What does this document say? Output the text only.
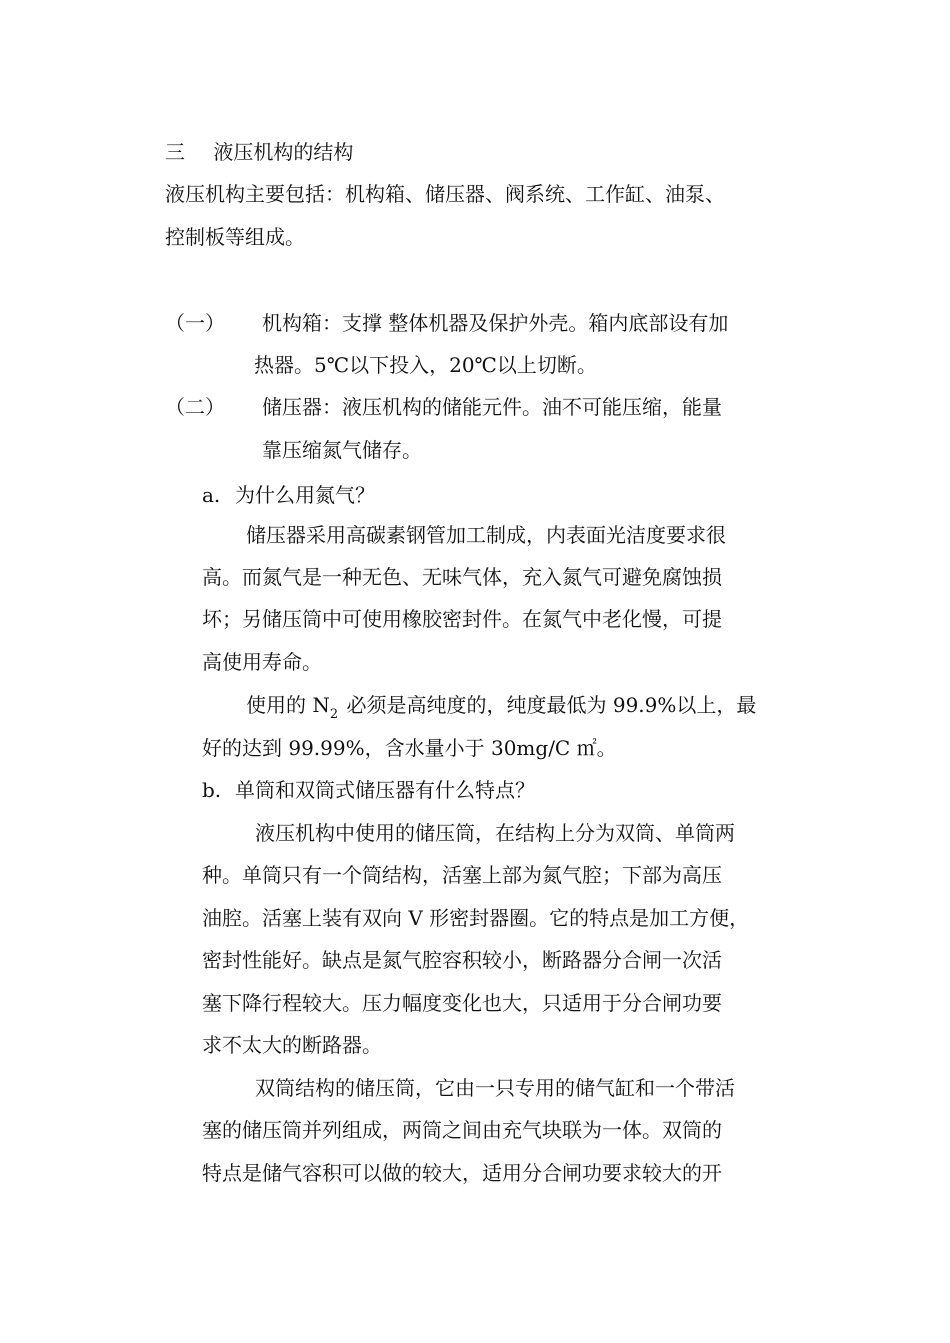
三 液压机构的结构
液压机构主要包括：机构箱、储压器、阀系统、工作缸、油泵、
控制板等组成。
（一） 机构箱：支撑 整体机器及保护外壳。箱内底部设有加
热器。5℃以下投入，20℃以上切断。
（二） 储压器：液压机构的储能元件。油不可能压缩，能量
靠压缩氮气储存。
a. 为什么用氮气？
储压器采用高碳素钢管加工制成，内表面光洁度要求很
高。而氮气是一种无色、无味气体，充入氮气可避免腐蚀损
坏；另储压筒中可使用橡胶密封件。在氮气中老化慢，可提
高使用寿命。
使用的 $N_2$ 必须是高纯度的，纯度最低为 99.9%以上，最
好的达到 99.99%，含水量小于 30mg/C ㎡。
b. 单筒和双筒式储压器有什么特点？
液压机构中使用的储压筒，在结构上分为双筒、单筒两
种。单筒只有一个筒结构，活塞上部为氮气腔；下部为高压
油腔。活塞上装有双向 V 形密封器圈。它的特点是加工方便，
密封性能好。缺点是氮气腔容积较小，断路器分合闸一次活
塞下降行程较大。压力幅度变化也大，只适用于分合闸功要
求不太大的断路器。
双筒结构的储压筒，它由一只专用的储气缸和一个带活
塞的储压筒并列组成，两筒之间由充气块联为一体。双筒的
特点是储气容积可以做的较大，适用分合闸功要求较大的开
